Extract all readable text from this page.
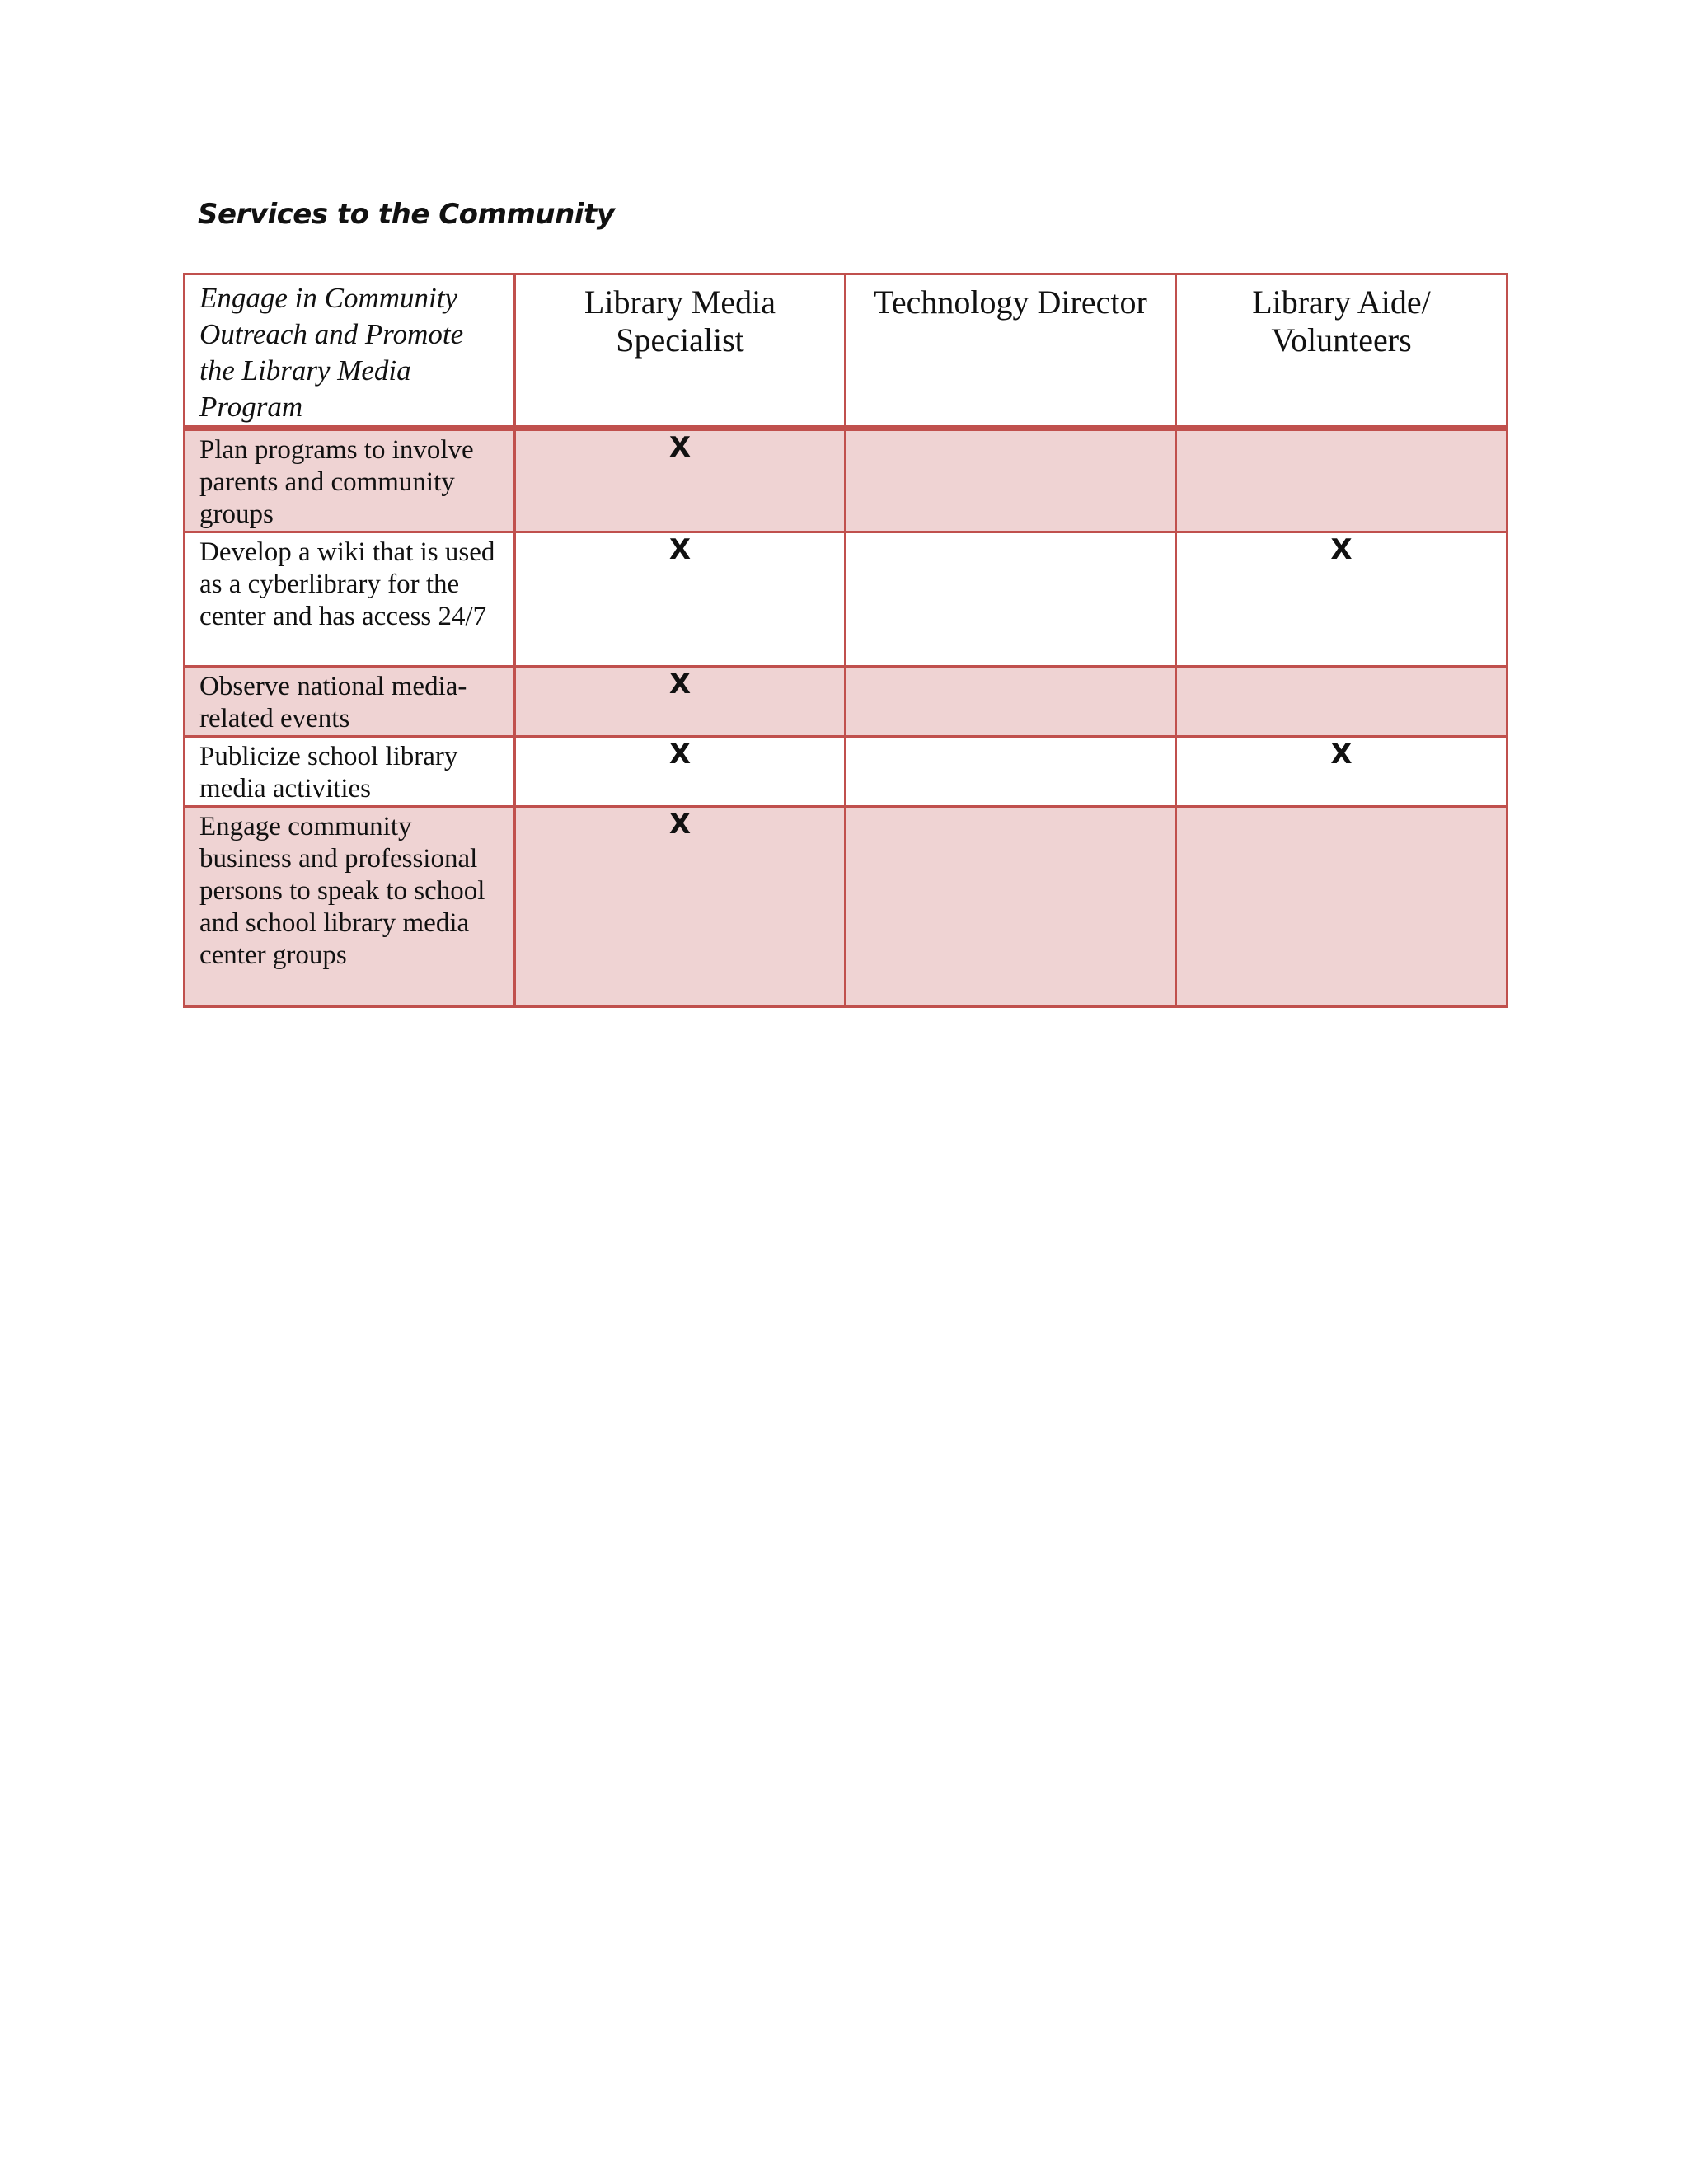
Services to the Community
Engage in Community Outreach and Promote the Library Media Program	Library Media Specialist	Technology Director	Library Aide/ Volunteers
Plan programs to involve parents and community groups	X		
Develop a wiki that is used as a cyberlibrary for the center and has access 24/7	X		X
Observe national media-related events	X		
Publicize school library media activities	X		X
Engage community business and professional persons to speak to school and school library media center groups	X		
